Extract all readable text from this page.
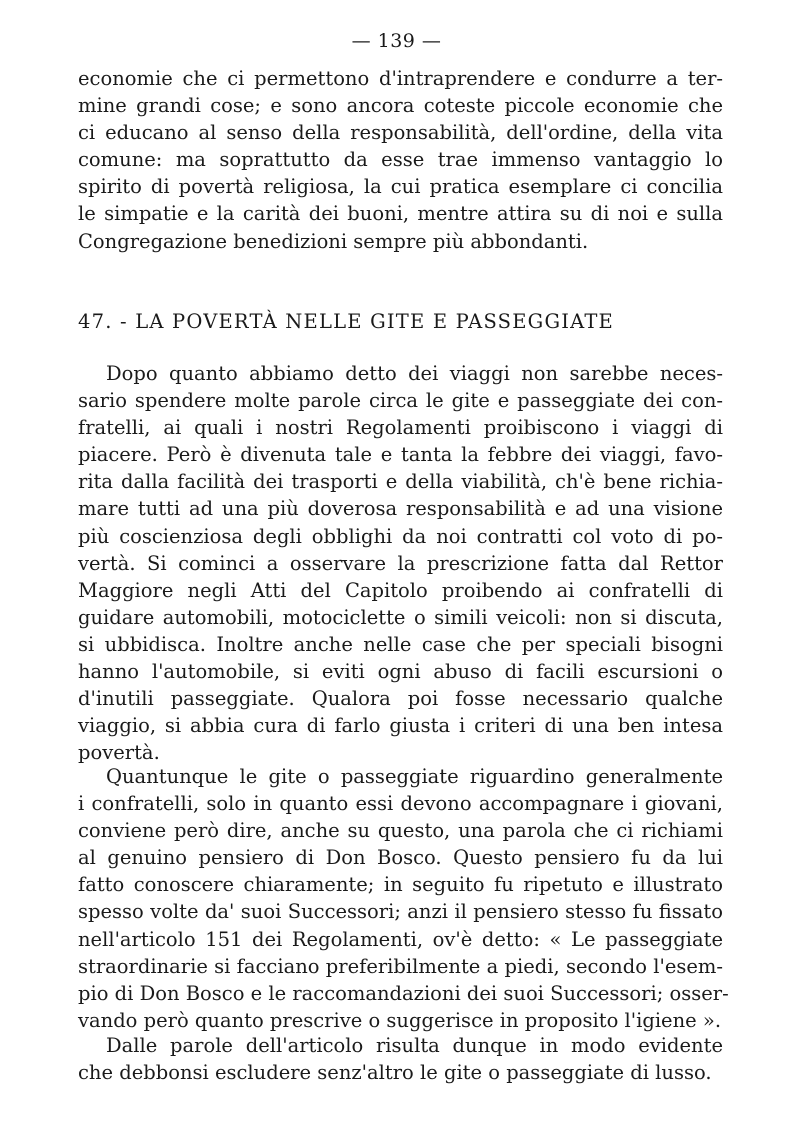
— 139 —
economie che ci permettono d'intraprendere e condurre a ter-
mine grandi cose; e sono ancora coteste piccole economie che
ci educano al senso della responsabilità, dell'ordine, della vita
comune: ma soprattutto da esse trae immenso vantaggio lo
spirito di povertà religiosa, la cui pratica esemplare ci concilia
le simpatie e la carità dei buoni, mentre attira su di noi e sulla
Congregazione benedizioni sempre più abbondanti.
47. - LA POVERTÀ NELLE GITE E PASSEGGIATE
Dopo quanto abbiamo detto dei viaggi non sarebbe neces-
sario spendere molte parole circa le gite e passeggiate dei con-
fratelli, ai quali i nostri Regolamenti proibiscono i viaggi di
piacere. Però è divenuta tale e tanta la febbre dei viaggi, favo-
rita dalla facilità dei trasporti e della viabilità, ch'è bene richia-
mare tutti ad una più doverosa responsabilità e ad una visione
più coscienziosa degli obblighi da noi contratti col voto di po-
vertà. Si cominci a osservare la prescrizione fatta dal Rettor
Maggiore negli Atti del Capitolo proibendo ai confratelli di
guidare automobili, motociclette o simili veicoli: non si discuta,
si ubbidisca. Inoltre anche nelle case che per speciali bisogni
hanno l'automobile, si eviti ogni abuso di facili escursioni o
d'inutili passeggiate. Qualora poi fosse necessario qualche
viaggio, si abbia cura di farlo giusta i criteri di una ben intesa
povertà.
Quantunque le gite o passeggiate riguardino generalmente
i confratelli, solo in quanto essi devono accompagnare i giovani,
conviene però dire, anche su questo, una parola che ci richiami
al genuino pensiero di Don Bosco. Questo pensiero fu da lui
fatto conoscere chiaramente; in seguito fu ripetuto e illustrato
spesso volte da' suoi Successori; anzi il pensiero stesso fu fissato
nell'articolo 151 dei Regolamenti, ov'è detto: « Le passeggiate
straordinarie si facciano preferibilmente a piedi, secondo l'esem-
pio di Don Bosco e le raccomandazioni dei suoi Successori; osser-
vando però quanto prescrive o suggerisce in proposito l'igiene ».
Dalle parole dell'articolo risulta dunque in modo evidente
che debbonsi escludere senz'altro le gite o passeggiate di lusso.
